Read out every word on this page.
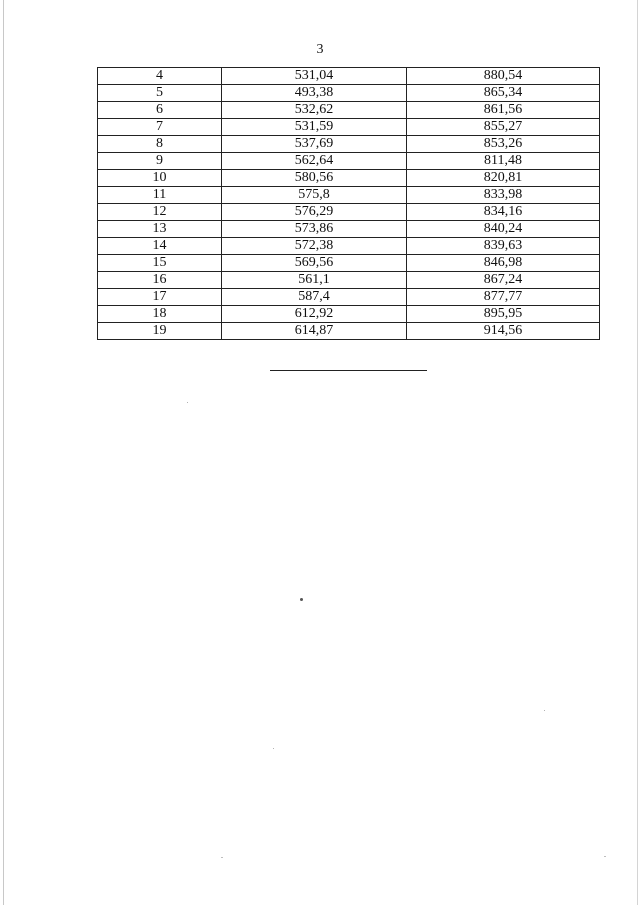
3
4	531,04	880,54
5	493,38	865,34
6	532,62	861,56
7	531,59	855,27
8	537,69	853,26
9	562,64	811,48
10	580,56	820,81
11	575,8	833,98
12	576,29	834,16
13	573,86	840,24
14	572,38	839,63
15	569,56	846,98
16	561,1	867,24
17	587,4	877,77
18	612,92	895,95
19	614,87	914,56
